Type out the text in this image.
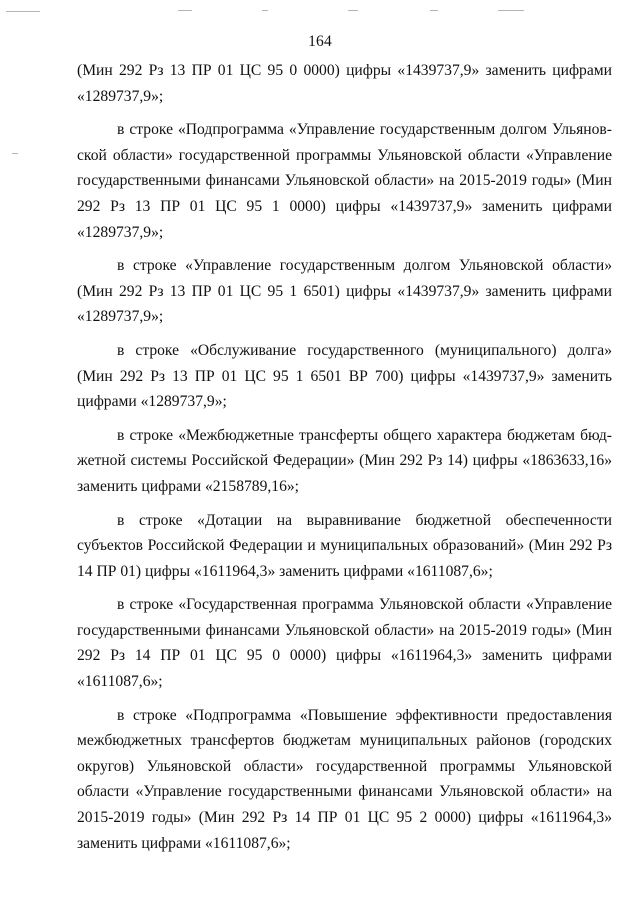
164

(Мин 292 Рз 13 ПР 01 ЦС 95 0 0000) цифры «1439737,9» заменить цифрами «1289737,9»;

в строке «Подпрограмма «Управление государственным долгом Ульяновской области» государственной программы Ульяновской области «Управление государственными финансами Ульяновской области» на 2015-2019 годы» (Мин 292 Рз 13 ПР 01 ЦС 95 1 0000) цифры «1439737,9» заменить цифрами «1289737,9»;

в строке «Управление государственным долгом Ульяновской области» (Мин 292 Рз 13 ПР 01 ЦС 95 1 6501) цифры «1439737,9» заменить цифрами «1289737,9»;

в строке «Обслуживание государственного (муниципального) долга» (Мин 292 Рз 13 ПР 01 ЦС 95 1 6501 ВР 700) цифры «1439737,9» заменить цифрами «1289737,9»;

в строке «Межбюджетные трансферты общего характера бюджетам бюджетной системы Российской Федерации» (Мин 292 Рз 14) цифры «1863633,16» заменить цифрами «2158789,16»;

в строке «Дотации на выравнивание бюджетной обеспеченности субъектов Российской Федерации и муниципальных образований» (Мин 292 Рз 14 ПР 01) цифры «1611964,3» заменить цифрами «1611087,6»;

в строке «Государственная программа Ульяновской области «Управление государственными финансами Ульяновской области» на 2015-2019 годы» (Мин 292 Рз 14 ПР 01 ЦС 95 0 0000) цифры «1611964,3» заменить цифрами «1611087,6»;

в строке «Подпрограмма «Повышение эффективности предоставления межбюджетных трансфертов бюджетам муниципальных районов (городских округов) Ульяновской области» государственной программы Ульяновской области «Управление государственными финансами Ульяновской области» на 2015-2019 годы» (Мин 292 Рз 14 ПР 01 ЦС 95 2 0000) цифры «1611964,3» заменить цифрами «1611087,6»;
